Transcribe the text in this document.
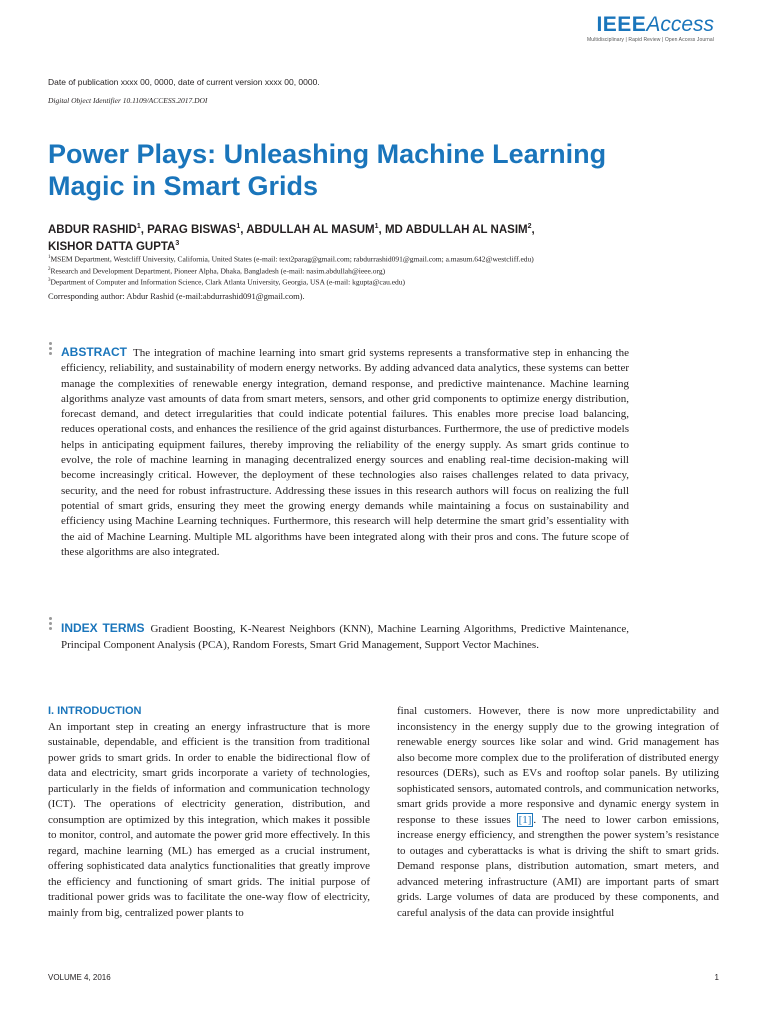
IEEEAccess
Multidisciplinary | Rapid Review | Open Access Journal
Date of publication xxxx 00, 0000, date of current version xxxx 00, 0000.
Digital Object Identifier 10.1109/ACCESS.2017.DOI
Power Plays: Unleashing Machine Learning Magic in Smart Grids
ABDUR RASHID$^1$, PARAG BISWAS$^1$, ABDULLAH AL MASUM$^1$, MD ABDULLAH AL NASIM$^2$,
KISHOR DATTA GUPTA$^3$
$^1$MSEM Department, Westcliff University, California, United States (e-mail: text2parag@gmail.com; rabdurrashid091@gmail.com; a.masum.642@westcliff.edu)
$^2$Research and Development Department, Pioneer Alpha, Dhaka, Bangladesh (e-mail: nasim.abdullah@ieee.org)
$^3$Department of Computer and Information Science, Clark Atlanta University, Georgia, USA (e-mail: kgupta@cau.edu)
Corresponding author: Abdur Rashid (e-mail:abdurrashid091@gmail.com).
ABSTRACT The integration of machine learning into smart grid systems represents a transformative step in enhancing the efficiency, reliability, and sustainability of modern energy networks. By adding advanced data analytics, these systems can better manage the complexities of renewable energy integration, demand response, and predictive maintenance. Machine learning algorithms analyze vast amounts of data from smart meters, sensors, and other grid components to optimize energy distribution, forecast demand, and detect irregularities that could indicate potential failures. This enables more precise load balancing, reduces operational costs, and enhances the resilience of the grid against disturbances. Furthermore, the use of predictive models helps in anticipating equipment failures, thereby improving the reliability of the energy supply. As smart grids continue to evolve, the role of machine learning in managing decentralized energy sources and enabling real-time decision-making will become increasingly critical. However, the deployment of these technologies also raises challenges related to data privacy, security, and the need for robust infrastructure. Addressing these issues in this research authors will focus on realizing the full potential of smart grids, ensuring they meet the growing energy demands while maintaining a focus on sustainability and efficiency using Machine Learning techniques. Furthermore, this research will help determine the smart grid’s essentiality with the aid of Machine Learning. Multiple ML algorithms have been integrated along with their pros and cons. The future scope of these algorithms are also integrated.
INDEX TERMS Gradient Boosting, K-Nearest Neighbors (KNN), Machine Learning Algorithms, Predictive Maintenance, Principal Component Analysis (PCA), Random Forests, Smart Grid Management, Support Vector Machines.
I. INTRODUCTION
An important step in creating an energy infrastructure that is more sustainable, dependable, and efficient is the transition from traditional power grids to smart grids. In order to enable the bidirectional flow of data and electricity, smart grids incorporate a variety of technologies, particularly in the fields of information and communication technology (ICT). The operations of electricity generation, distribution, and consumption are optimized by this integration, which makes it possible to monitor, control, and automate the power grid more effectively. In this regard, machine learning (ML) has emerged as a crucial instrument, offering sophisticated data analytics functionalities that greatly improve the efficiency and functioning of smart grids. The initial purpose of traditional power grids was to facilitate the one-way flow of electricity, mainly from big, centralized power plants to
final customers. However, there is now more unpredictability and inconsistency in the energy supply due to the growing integration of renewable energy sources like solar and wind. Grid management has also become more complex due to the proliferation of distributed energy resources (DERs), such as EVs and rooftop solar panels. By utilizing sophisticated sensors, automated controls, and communication networks, smart grids provide a more responsive and dynamic energy system in response to these issues [1] . The need to lower carbon emissions, increase energy efficiency, and strengthen the power system’s resistance to outages and cyberattacks is what is driving the shift to smart grids. Demand response plans, distribution automation, smart meters, and advanced metering infrastructure (AMI) are important parts of smart grids. Large volumes of data are produced by these components, and careful analysis of the data can provide insightful
VOLUME 4, 2016	1
